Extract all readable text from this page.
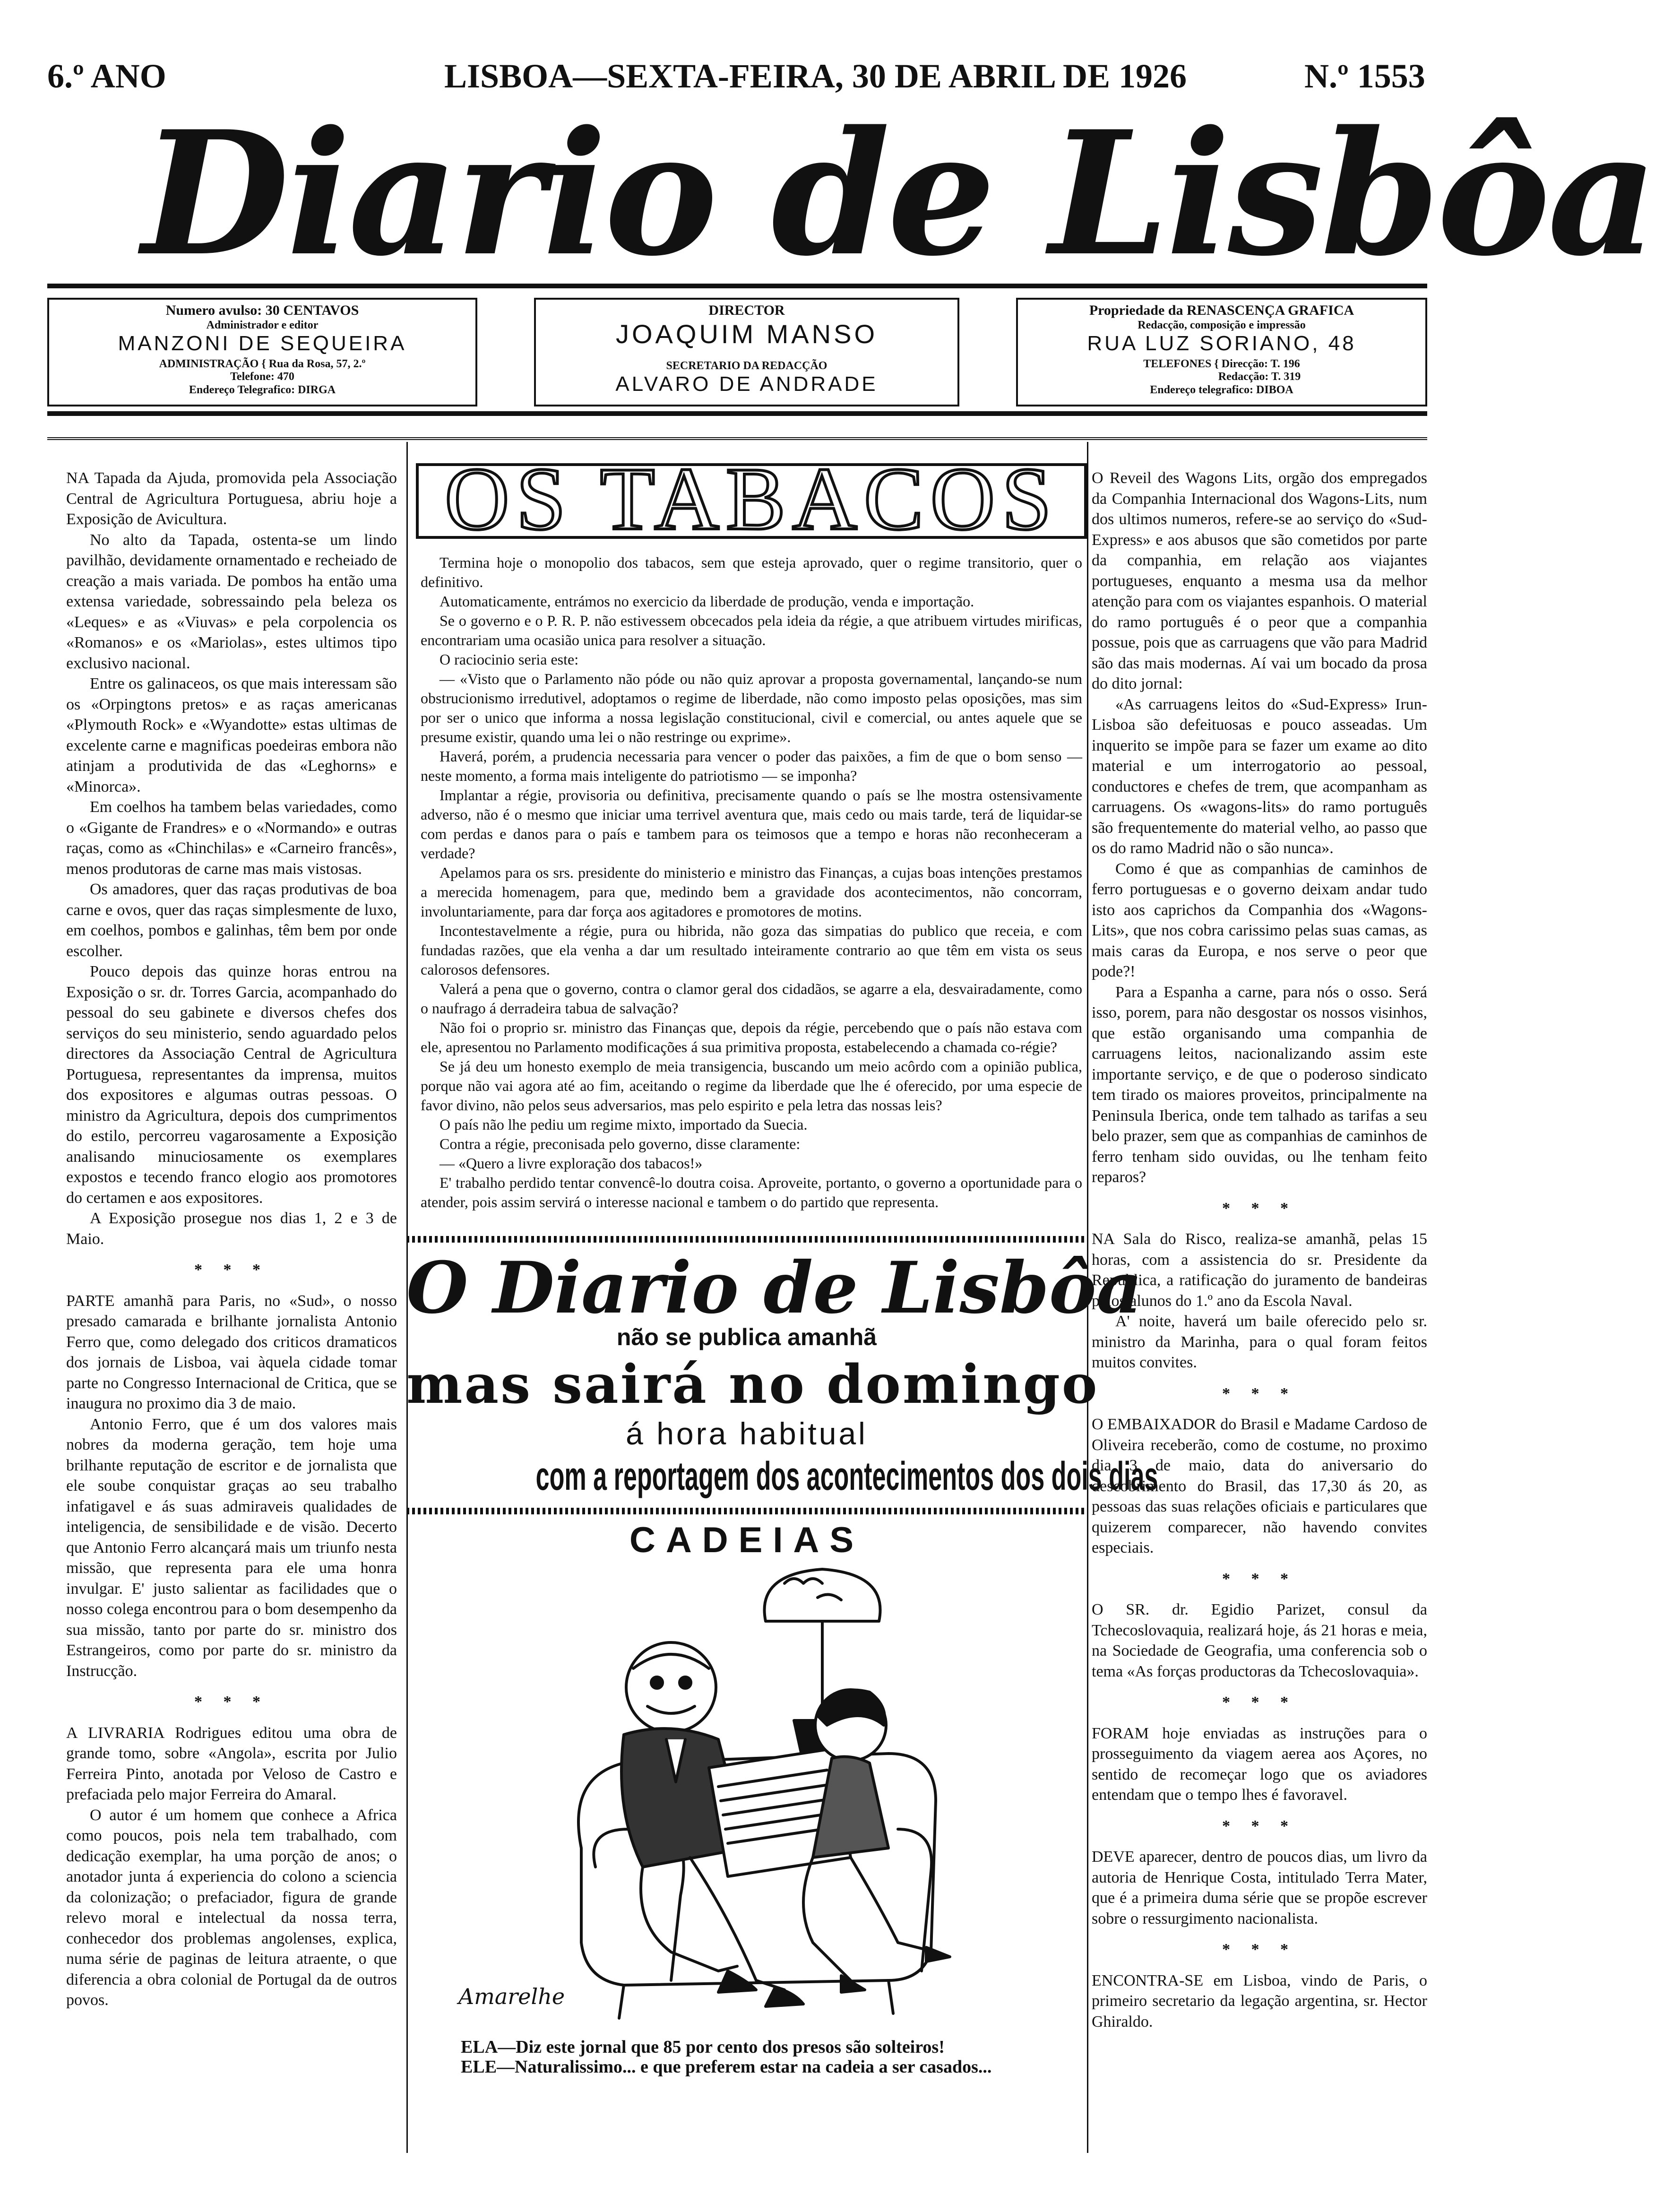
6.º ANO	LISBOA—SEXTA-FEIRA, 30 DE ABRIL DE 1926	N.º 1553
Diario de Lisbôa
Numero avulso: 30 CENTAVOS
Administrador e editor
MANZONI DE SEQUEIRA
ADMINISTRAÇÃO { Rua da Rosa, 57, 2.º
Telefone: 470
Endereço Telegrafico: DIRGA
DIRECTOR
JOAQUIM MANSO
SECRETARIO DA REDACÇÃO
ALVARO DE ANDRADE
Propriedade da RENASCENÇA GRAFICA
Redacção, composição e impressão
RUA LUZ SORIANO, 48
TELEFONES { Direcção: T. 196
Redacção: T. 319
Endereço telegrafico: DIBOA

NA Tapada da Ajuda, promovida pela Associação Central de Agricultura Portuguesa, abriu hoje a Exposição de Avicultura.

No alto da Tapada, ostenta-se um lindo pavilhão, devidamente ornamentado e recheiado de creação a mais variada. De pombos ha então uma extensa variedade, sobressaindo pela beleza os «Leques» e as «Viuvas» e pela corpolencia os «Romanos» e os «Mariolas», estes ultimos tipo exclusivo nacional.

Entre os galinaceos, os que mais interessam são os «Orpingtons pretos» e as raças americanas «Plymouth Rock» e «Wyandotte» estas ultimas de excelente carne e magnificas poedeiras embora não atinjam a produtivida de das «Leghorns» e «Minorca».

Em coelhos ha tambem belas variedades, como o «Gigante de Frandres» e o «Normando» e outras raças, como as «Chinchilas» e «Carneiro francês», menos produtoras de carne mas mais vistosas.

Os amadores, quer das raças produtivas de boa carne e ovos, quer das raças simplesmente de luxo, em coelhos, pombos e galinhas, têm bem por onde escolher.

Pouco depois das quinze horas entrou na Exposição o sr. dr. Torres Garcia, acompanhado do pessoal do seu gabinete e diversos chefes dos serviços do seu ministerio, sendo aguardado pelos directores da Associação Central de Agricultura Portuguesa, representantes da imprensa, muitos dos expositores e algumas outras pessoas. O ministro da Agricultura, depois dos cumprimentos do estilo, percorreu vagarosamente a Exposição analisando minuciosamente os exemplares expostos e tecendo franco elogio aos promotores do certamen e aos expositores.

A Exposição prosegue nos dias 1, 2 e 3 de Maio.

* * *

PARTE amanhã para Paris, no «Sud», o nosso presado camarada e brilhante jornalista Antonio Ferro que, como delegado dos criticos dramaticos dos jornais de Lisboa, vai àquela cidade tomar parte no Congresso Internacional de Critica, que se inaugura no proximo dia 3 de maio.

Antonio Ferro, que é um dos valores mais nobres da moderna geração, tem hoje uma brilhante reputação de escritor e de jornalista que ele soube conquistar graças ao seu trabalho infatigavel e ás suas admiraveis qualidades de inteligencia, de sensibilidade e de visão. Decerto que Antonio Ferro alcançará mais um triunfo nesta missão, que representa para ele uma honra invulgar. E' justo salientar as facilidades que o nosso colega encontrou para o bom desempenho da sua missão, tanto por parte do sr. ministro dos Estrangeiros, como por parte do sr. ministro da Instrucção.

* * *

A LIVRARIA Rodrigues editou uma obra de grande tomo, sobre «Angola», escrita por Julio Ferreira Pinto, anotada por Veloso de Castro e prefaciada pelo major Ferreira do Amaral.

O autor é um homem que conhece a Africa como poucos, pois nela tem trabalhado, com dedicação exemplar, ha uma porção de anos; o anotador junta á experiencia do colono a sciencia da colonização; o prefaciador, figura de grande relevo moral e intelectual da nossa terra, conhecedor dos problemas angolenses, explica, numa série de paginas de leitura atraente, o que diferencia a obra colonial de Portugal da de outros povos.

OS TABACOS

Termina hoje o monopolio dos tabacos, sem que esteja aprovado, quer o regime transitorio, quer o definitivo.

Automaticamente, entrámos no exercicio da liberdade de produção, venda e importação.

Se o governo e o P. R. P. não estivessem obcecados pela ideia da régie, a que atribuem virtudes mirificas, encontrariam uma ocasião unica para resolver a situação.

O raciocinio seria este:

— «Visto que o Parlamento não póde ou não quiz aprovar a proposta governamental, lançando-se num obstrucionismo irredutivel, adoptamos o regime de liberdade, não como imposto pelas oposições, mas sim por ser o unico que informa a nossa legislação constitucional, civil e comercial, ou antes aquele que se presume existir, quando uma lei o não restringe ou exprime».

Haverá, porém, a prudencia necessaria para vencer o poder das paixões, a fim de que o bom senso — neste momento, a forma mais inteligente do patriotismo — se imponha?

Implantar a régie, provisoria ou definitiva, precisamente quando o país se lhe mostra ostensivamente adverso, não é o mesmo que iniciar uma terrivel aventura que, mais cedo ou mais tarde, terá de liquidar-se com perdas e danos para o país e tambem para os teimosos que a tempo e horas não reconheceram a verdade?

Apelamos para os srs. presidente do ministerio e ministro das Finanças, a cujas boas intenções prestamos a merecida homenagem, para que, medindo bem a gravidade dos acontecimentos, não concorram, involuntariamente, para dar força aos agitadores e promotores de motins.

Incontestavelmente a régie, pura ou hibrida, não goza das simpatias do publico que receia, e com fundadas razões, que ela venha a dar um resultado inteiramente contrario ao que têm em vista os seus calorosos defensores.

Valerá a pena que o governo, contra o clamor geral dos cidadãos, se agarre a ela, desvairadamente, como o naufrago á derradeira tabua de salvação?

Não foi o proprio sr. ministro das Finanças que, depois da régie, percebendo que o país não estava com ele, apresentou no Parlamento modificações á sua primitiva proposta, estabelecendo a chamada co-régie?

Se já deu um honesto exemplo de meia transigencia, buscando um meio acôrdo com a opinião publica, porque não vai agora até ao fim, aceitando o regime da liberdade que lhe é oferecido, por uma especie de favor divino, não pelos seus adversarios, mas pelo espirito e pela letra das nossas leis?

O país não lhe pediu um regime mixto, importado da Suecia.

Contra a régie, preconisada pelo governo, disse claramente:

— «Quero a livre exploração dos tabacos!»

E' trabalho perdido tentar convencê-lo doutra coisa. Aproveite, portanto, o governo a oportunidade para o atender, pois assim servirá o interesse nacional e tambem o do partido que representa.

O Diario de Lisbôa
não se publica amanhã
mas sairá no domingo
á hora habitual
com a reportagem dos acontecimentos dos dois dias
CADEIAS
Amarelhe
ELA—Diz este jornal que 85 por cento dos presos são solteiros!
ELE—Naturalissimo... e que preferem estar na cadeia a ser casados...

O Reveil des Wagons Lits, orgão dos empregados da Companhia Internacional dos Wagons-Lits, num dos ultimos numeros, refere-se ao serviço do «Sud-Express» e aos abusos que são cometidos por parte da companhia, em relação aos viajantes portugueses, enquanto a mesma usa da melhor atenção para com os viajantes espanhois. O material do ramo português é o peor que a companhia possue, pois que as carruagens que vão para Madrid são das mais modernas. Aí vai um bocado da prosa do dito jornal:

«As carruagens leitos do «Sud-Express» Irun-Lisboa são defeituosas e pouco asseadas. Um inquerito se impõe para se fazer um exame ao dito material e um interrogatorio ao pessoal, conductores e chefes de trem, que acompanham as carruagens. Os «wagons-lits» do ramo português são frequentemente do material velho, ao passo que os do ramo Madrid não o são nunca».

Como é que as companhias de caminhos de ferro portuguesas e o governo deixam andar tudo isto aos caprichos da Companhia dos «Wagons-Lits», que nos cobra carissimo pelas suas camas, as mais caras da Europa, e nos serve o peor que pode?!

Para a Espanha a carne, para nós o osso. Será isso, porem, para não desgostar os nossos visinhos, que estão organisando uma companhia de carruagens leitos, nacionalizando assim este importante serviço, e de que o poderoso sindicato tem tirado os maiores proveitos, principalmente na Peninsula Iberica, onde tem talhado as tarifas a seu belo prazer, sem que as companhias de caminhos de ferro tenham sido ouvidas, ou lhe tenham feito reparos?

* * *

NA Sala do Risco, realiza-se amanhã, pelas 15 horas, com a assistencia do sr. Presidente da Republica, a ratificação do juramento de bandeiras pelos alunos do 1.º ano da Escola Naval.

A' noite, haverá um baile oferecido pelo sr. ministro da Marinha, para o qual foram feitos muitos convites.

* * *

O EMBAIXADOR do Brasil e Madame Cardoso de Oliveira receberão, como de costume, no proximo dia 3 de maio, data do aniversario do descobrimento do Brasil, das 17,30 ás 20, as pessoas das suas relações oficiais e particulares que quizerem comparecer, não havendo convites especiais.

* * *

O SR. dr. Egidio Parizet, consul da Tchecoslovaquia, realizará hoje, ás 21 horas e meia, na Sociedade de Geografia, uma conferencia sob o tema «As forças productoras da Tchecoslovaquia».

* * *

FORAM hoje enviadas as instruções para o prosseguimento da viagem aerea aos Açores, no sentido de recomeçar logo que os aviadores entendam que o tempo lhes é favoravel.

* * *

DEVE aparecer, dentro de poucos dias, um livro da autoria de Henrique Costa, intitulado Terra Mater, que é a primeira duma série que se propõe escrever sobre o ressurgimento nacionalista.

* * *

ENCONTRA-SE em Lisboa, vindo de Paris, o primeiro secretario da legação argentina, sr. Hector Ghiraldo.
